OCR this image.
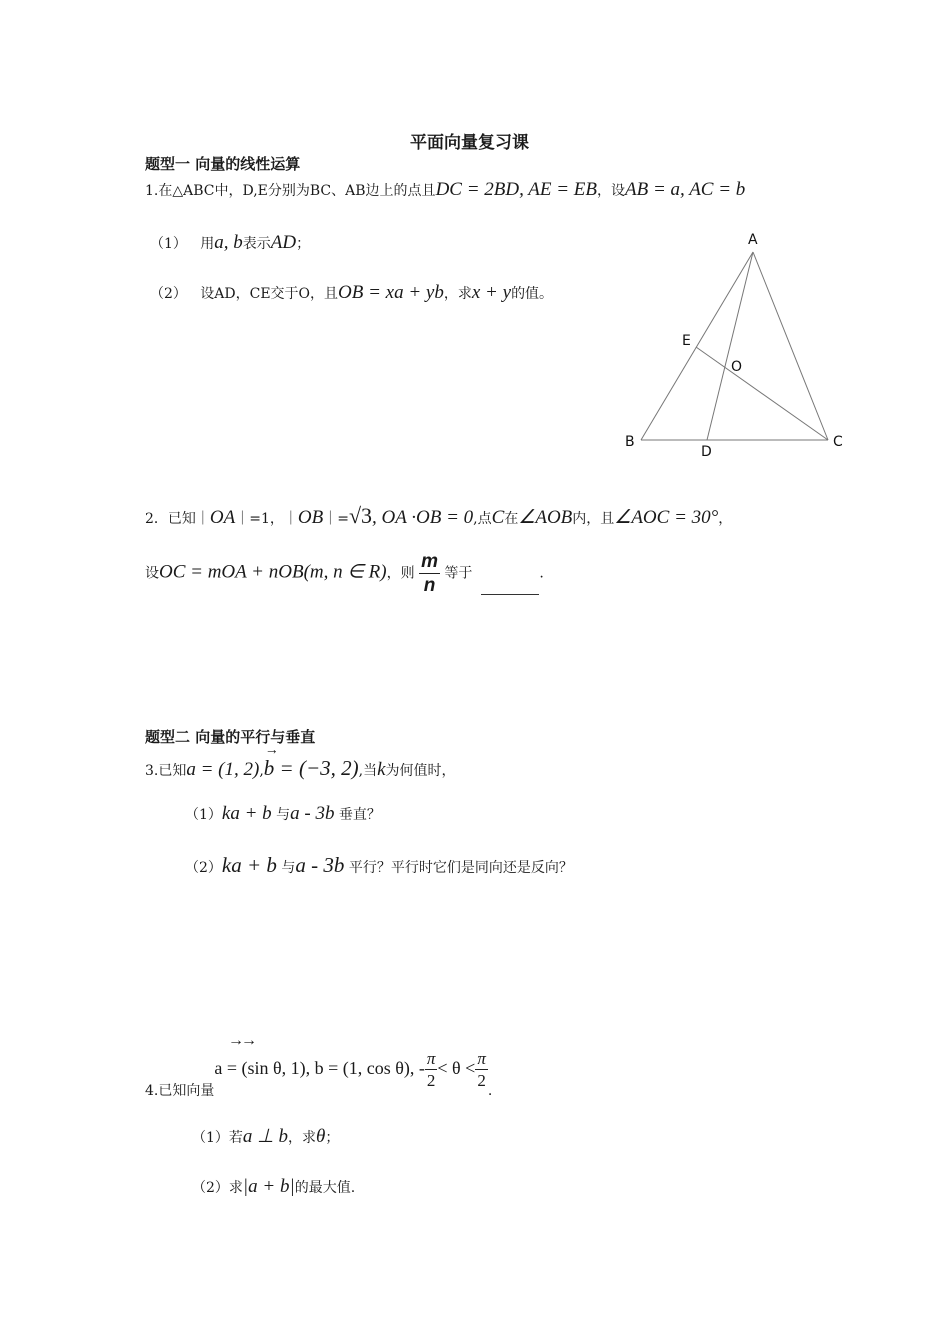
平面向量复习课
题型一 向量的线性运算
1.在△ABC中，D,E分别为BC、AB边上的点且DC = 2BD, AE = EB，设AB = a, AC = b
（1） 用a, b表示AD；
（2） 设AD，CE交于O，且OB = xa + yb，求x + y的值。
A
B	C
D
E
O
2．已知｜OA｜=1，｜OB｜=√3, OA ·OB = 0,点C在∠AOB内，且∠AOC = 30°，
设OC = mOA + nOB(m, n ∈ R)，则 $\frac{m}{n}$ 等于	.
题型二 向量的平行与垂直
3.已知a = (1, 2),→ b = (−3, 2),当k为何值时，
（1）ka + b 与a - 3b 垂直？
（2）ka + b 与a - 3b 平行？平行时它们是同向还是反向？
→→
4.已知向量a = (sin θ, 1), b = (1, cos θ), - $\frac{\pi}{2} < \theta < \frac{\pi}{2}$
.
（1）若a ⊥ b，求θ；
（2）求|a + b|的最大值.
